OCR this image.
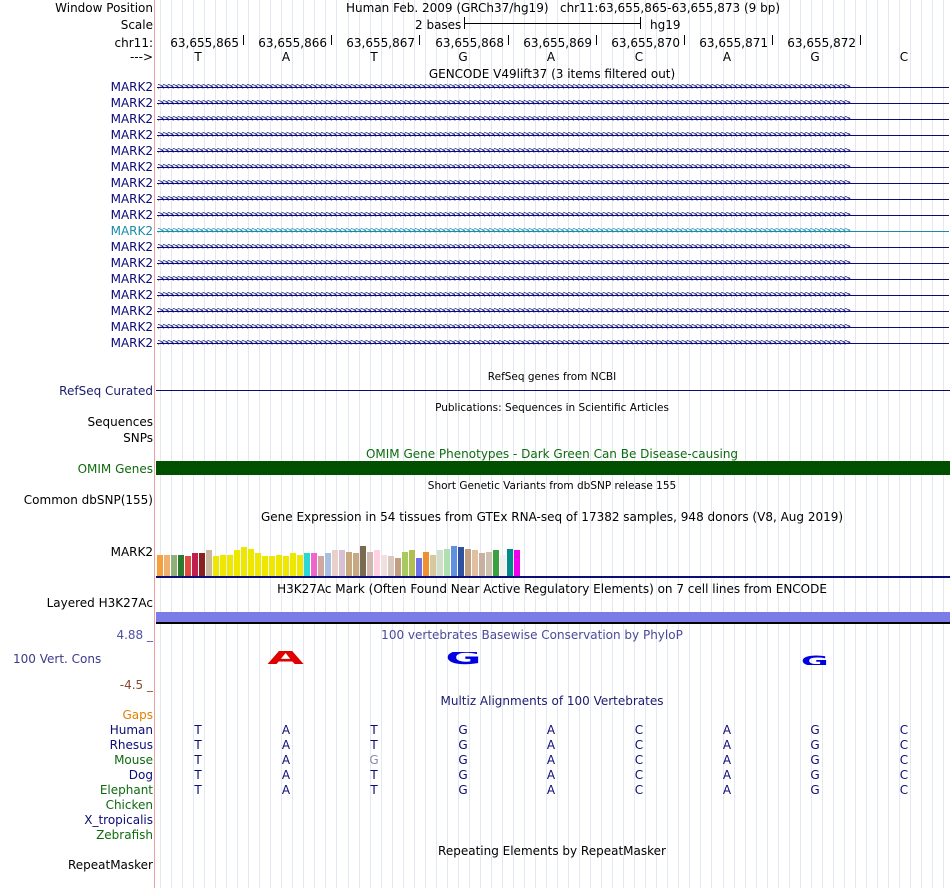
Window Position
Scale
chr11:
--->
Human Feb. 2009 (GRCh37/hg19) chr11:63,655,865-63,655,873 (9 bp)
2 bases	hg19
63,655,865 63,655,866 63,655,867 63,655,868 63,655,869 63,655,870 63,655,871 63,655,872
T	A	T	G	A	C	A	G	C
GENCODE V49lift37 (3 items filtered out)
MARK2 >>>>>>>>>>>>>>>>>>>>>>>>>>>>>>>>>>>>>>>>>>>>>>>>>>>>>>>>>>>>>>>>>>>>>>>>>>>>>>>>>>>>>>>>>>>>>>>>>>>>>>>>>>>>>>>>>>>>>>>>>>>>>>>>>>>>>>>>>>>>
MARK2 >>>>>>>>>>>>>>>>>>>>>>>>>>>>>>>>>>>>>>>>>>>>>>>>>>>>>>>>>>>>>>>>>>>>>>>>>>>>>>>>>>>>>>>>>>>>>>>>>>>>>>>>>>>>>>>>>>>>>>>>>>>>>>>>>>>>>>>>>>>>
MARK2 >>>>>>>>>>>>>>>>>>>>>>>>>>>>>>>>>>>>>>>>>>>>>>>>>>>>>>>>>>>>>>>>>>>>>>>>>>>>>>>>>>>>>>>>>>>>>>>>>>>>>>>>>>>>>>>>>>>>>>>>>>>>>>>>>>>>>>>>>>>>
MARK2 >>>>>>>>>>>>>>>>>>>>>>>>>>>>>>>>>>>>>>>>>>>>>>>>>>>>>>>>>>>>>>>>>>>>>>>>>>>>>>>>>>>>>>>>>>>>>>>>>>>>>>>>>>>>>>>>>>>>>>>>>>>>>>>>>>>>>>>>>>>>
MARK2 >>>>>>>>>>>>>>>>>>>>>>>>>>>>>>>>>>>>>>>>>>>>>>>>>>>>>>>>>>>>>>>>>>>>>>>>>>>>>>>>>>>>>>>>>>>>>>>>>>>>>>>>>>>>>>>>>>>>>>>>>>>>>>>>>>>>>>>>>>>>
MARK2 >>>>>>>>>>>>>>>>>>>>>>>>>>>>>>>>>>>>>>>>>>>>>>>>>>>>>>>>>>>>>>>>>>>>>>>>>>>>>>>>>>>>>>>>>>>>>>>>>>>>>>>>>>>>>>>>>>>>>>>>>>>>>>>>>>>>>>>>>>>>
MARK2 >>>>>>>>>>>>>>>>>>>>>>>>>>>>>>>>>>>>>>>>>>>>>>>>>>>>>>>>>>>>>>>>>>>>>>>>>>>>>>>>>>>>>>>>>>>>>>>>>>>>>>>>>>>>>>>>>>>>>>>>>>>>>>>>>>>>>>>>>>>>
MARK2 >>>>>>>>>>>>>>>>>>>>>>>>>>>>>>>>>>>>>>>>>>>>>>>>>>>>>>>>>>>>>>>>>>>>>>>>>>>>>>>>>>>>>>>>>>>>>>>>>>>>>>>>>>>>>>>>>>>>>>>>>>>>>>>>>>>>>>>>>>>>
MARK2 >>>>>>>>>>>>>>>>>>>>>>>>>>>>>>>>>>>>>>>>>>>>>>>>>>>>>>>>>>>>>>>>>>>>>>>>>>>>>>>>>>>>>>>>>>>>>>>>>>>>>>>>>>>>>>>>>>>>>>>>>>>>>>>>>>>>>>>>>>>>
MARK2 >>>>>>>>>>>>>>>>>>>>>>>>>>>>>>>>>>>>>>>>>>>>>>>>>>>>>>>>>>>>>>>>>>>>>>>>>>>>>>>>>>>>>>>>>>>>>>>>>>>>>>>>>>>>>>>>>>>>>>>>>>>>>>>>>>>>>>>>>>>>
MARK2 >>>>>>>>>>>>>>>>>>>>>>>>>>>>>>>>>>>>>>>>>>>>>>>>>>>>>>>>>>>>>>>>>>>>>>>>>>>>>>>>>>>>>>>>>>>>>>>>>>>>>>>>>>>>>>>>>>>>>>>>>>>>>>>>>>>>>>>>>>>>
MARK2 >>>>>>>>>>>>>>>>>>>>>>>>>>>>>>>>>>>>>>>>>>>>>>>>>>>>>>>>>>>>>>>>>>>>>>>>>>>>>>>>>>>>>>>>>>>>>>>>>>>>>>>>>>>>>>>>>>>>>>>>>>>>>>>>>>>>>>>>>>>>
MARK2 >>>>>>>>>>>>>>>>>>>>>>>>>>>>>>>>>>>>>>>>>>>>>>>>>>>>>>>>>>>>>>>>>>>>>>>>>>>>>>>>>>>>>>>>>>>>>>>>>>>>>>>>>>>>>>>>>>>>>>>>>>>>>>>>>>>>>>>>>>>>
MARK2 >>>>>>>>>>>>>>>>>>>>>>>>>>>>>>>>>>>>>>>>>>>>>>>>>>>>>>>>>>>>>>>>>>>>>>>>>>>>>>>>>>>>>>>>>>>>>>>>>>>>>>>>>>>>>>>>>>>>>>>>>>>>>>>>>>>>>>>>>>>>
MARK2 >>>>>>>>>>>>>>>>>>>>>>>>>>>>>>>>>>>>>>>>>>>>>>>>>>>>>>>>>>>>>>>>>>>>>>>>>>>>>>>>>>>>>>>>>>>>>>>>>>>>>>>>>>>>>>>>>>>>>>>>>>>>>>>>>>>>>>>>>>>>
MARK2 >>>>>>>>>>>>>>>>>>>>>>>>>>>>>>>>>>>>>>>>>>>>>>>>>>>>>>>>>>>>>>>>>>>>>>>>>>>>>>>>>>>>>>>>>>>>>>>>>>>>>>>>>>>>>>>>>>>>>>>>>>>>>>>>>>>>>>>>>>>>
MARK2 >>>>>>>>>>>>>>>>>>>>>>>>>>>>>>>>>>>>>>>>>>>>>>>>>>>>>>>>>>>>>>>>>>>>>>>>>>>>>>>>>>>>>>>>>>>>>>>>>>>>>>>>>>>>>>>>>>>>>>>>>>>>>>>>>>>>>>>>>>>>
RefSeq genes from NCBI
RefSeq Curated
Publications: Sequences in Scientific Articles
Sequences
SNPs
OMIM Gene Phenotypes - Dark Green Can Be Disease-causing
OMIM Genes
Short Genetic Variants from dbSNP release 155
Common dbSNP(155)
Gene Expression in 54 tissues from GTEx RNA-seq of 17382 samples, 948 donors (V8, Aug 2019)
MARK2
H3K27Ac Mark (Often Found Near Active Regulatory Elements) on 7 cell lines from ENCODE
Layered H3K27Ac
100 vertebrates Basewise Conservation by PhyloP
4.88 _
100 Vert. Cons
-4.5 _
A	G	G
Multiz Alignments of 100 Vertebrates
Gaps
Human	T	A	T	G	A	C	A	G	C
Rhesus	T	A	T	G	A	C	A	G	C
Mouse	T	A	G	G	A	C	A	G	C
Dog	T	A	T	G	A	C	A	G	C
Elephant	T	A	T	G	A	C	A	G	C
Chicken
X_tropicalis
Zebrafish
Repeating Elements by RepeatMasker
RepeatMasker
